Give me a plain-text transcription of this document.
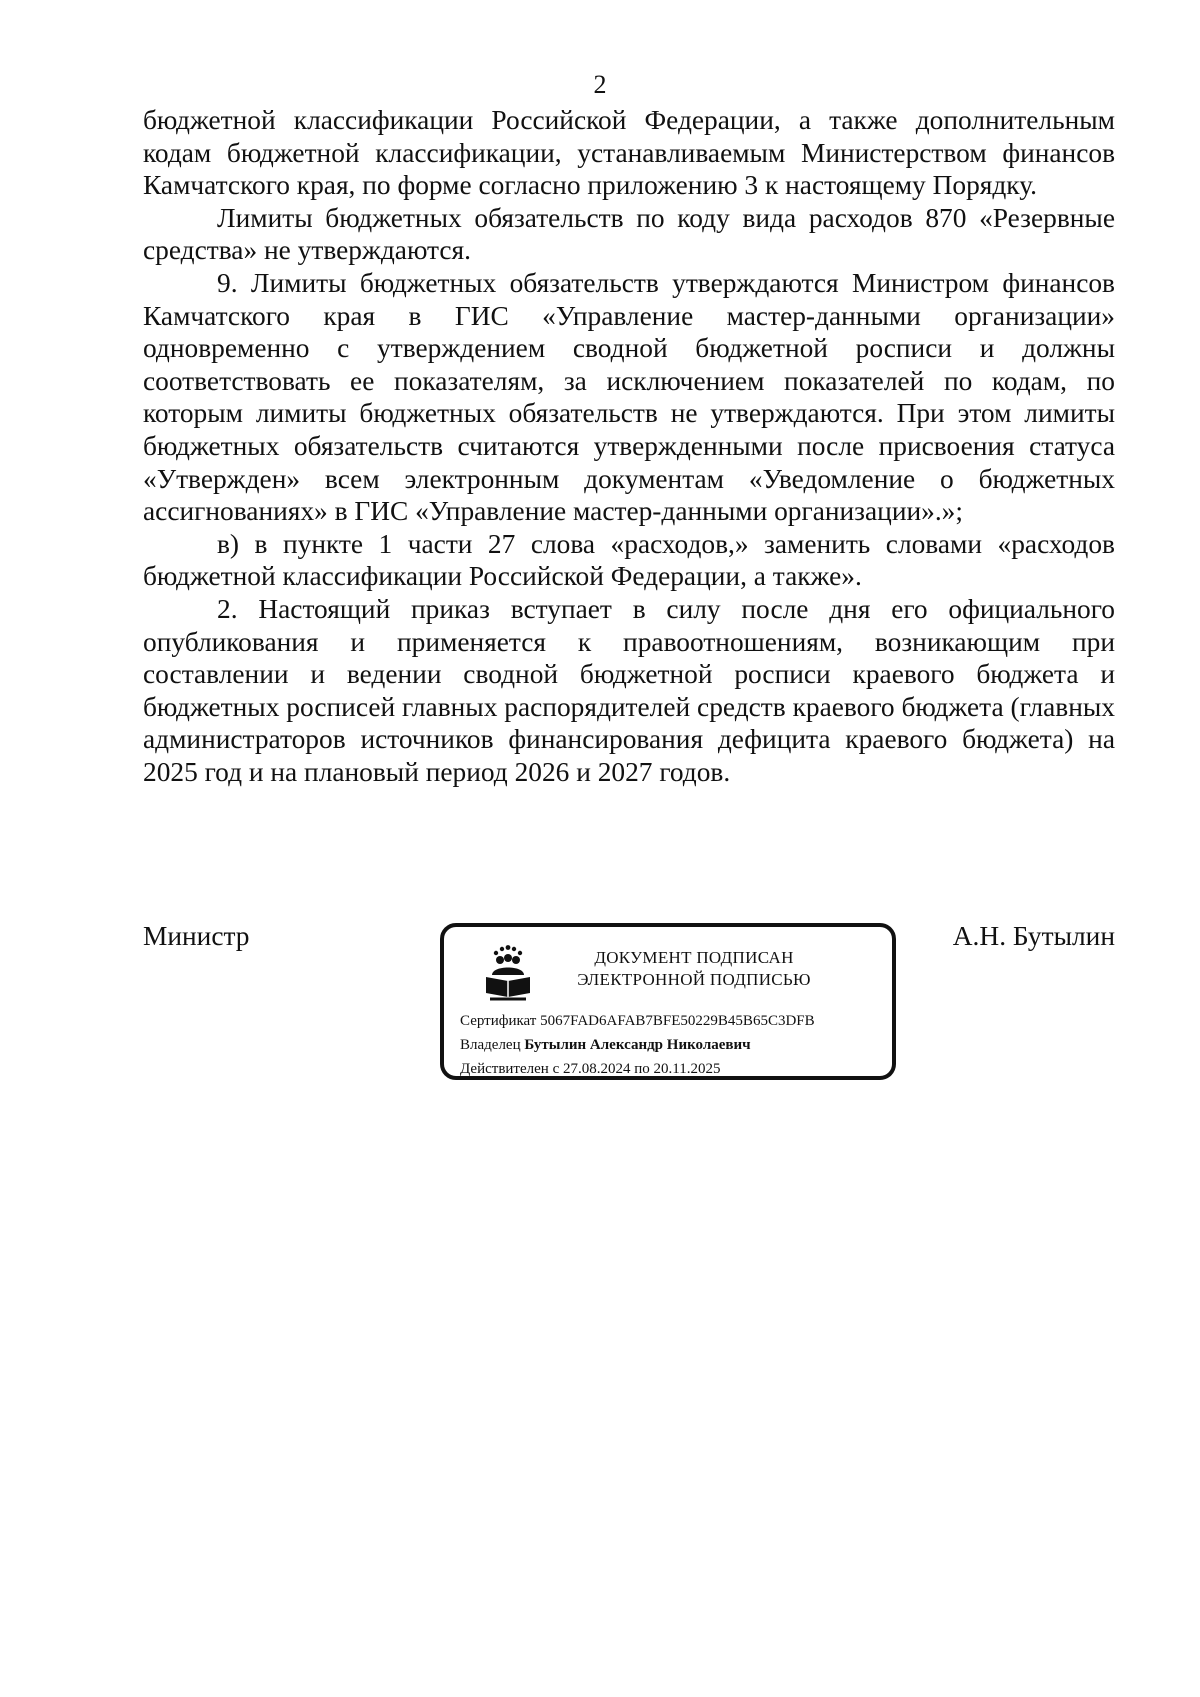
2

бюджетной классификации Российской Федерации, а также дополнительным кодам бюджетной классификации, устанавливаемым Министерством финансов Камчатского края, по форме согласно приложению 3 к настоящему Порядку.

Лимиты бюджетных обязательств по коду вида расходов 870 «Резервные средства» не утверждаются.

9. Лимиты бюджетных обязательств утверждаются Министром финансов Камчатского края в ГИС «Управление мастер-данными организации» одновременно с утверждением сводной бюджетной росписи и должны соответствовать ее показателям, за исключением показателей по кодам, по которым лимиты бюджетных обязательств не утверждаются. При этом лимиты бюджетных обязательств считаются утвержденными после присвоения статуса «Утвержден» всем электронным документам «Уведомление о бюджетных ассигнованиях» в ГИС «Управление мастер-данными организации».»;

в) в пункте 1 части 27 слова «расходов,» заменить словами «расходов бюджетной классификации Российской Федерации, а также».

2. Настоящий приказ вступает в силу после дня его официального опубликования и применяется к правоотношениям, возникающим при составлении и ведении сводной бюджетной росписи краевого бюджета и бюджетных росписей главных распорядителей средств краевого бюджета (главных администраторов источников финансирования дефицита краевого бюджета) на 2025 год и на плановый период 2026 и 2027 годов.

Министр	А.Н. Бутылин
ДОКУМЕНТ ПОДПИСАН
ЭЛЕКТРОННОЙ ПОДПИСЬЮ
Сертификат 5067FAD6AFAB7BFE50229B45B65C3DFB
Владелец Бутылин Александр Николаевич
Действителен с 27.08.2024 по 20.11.2025
